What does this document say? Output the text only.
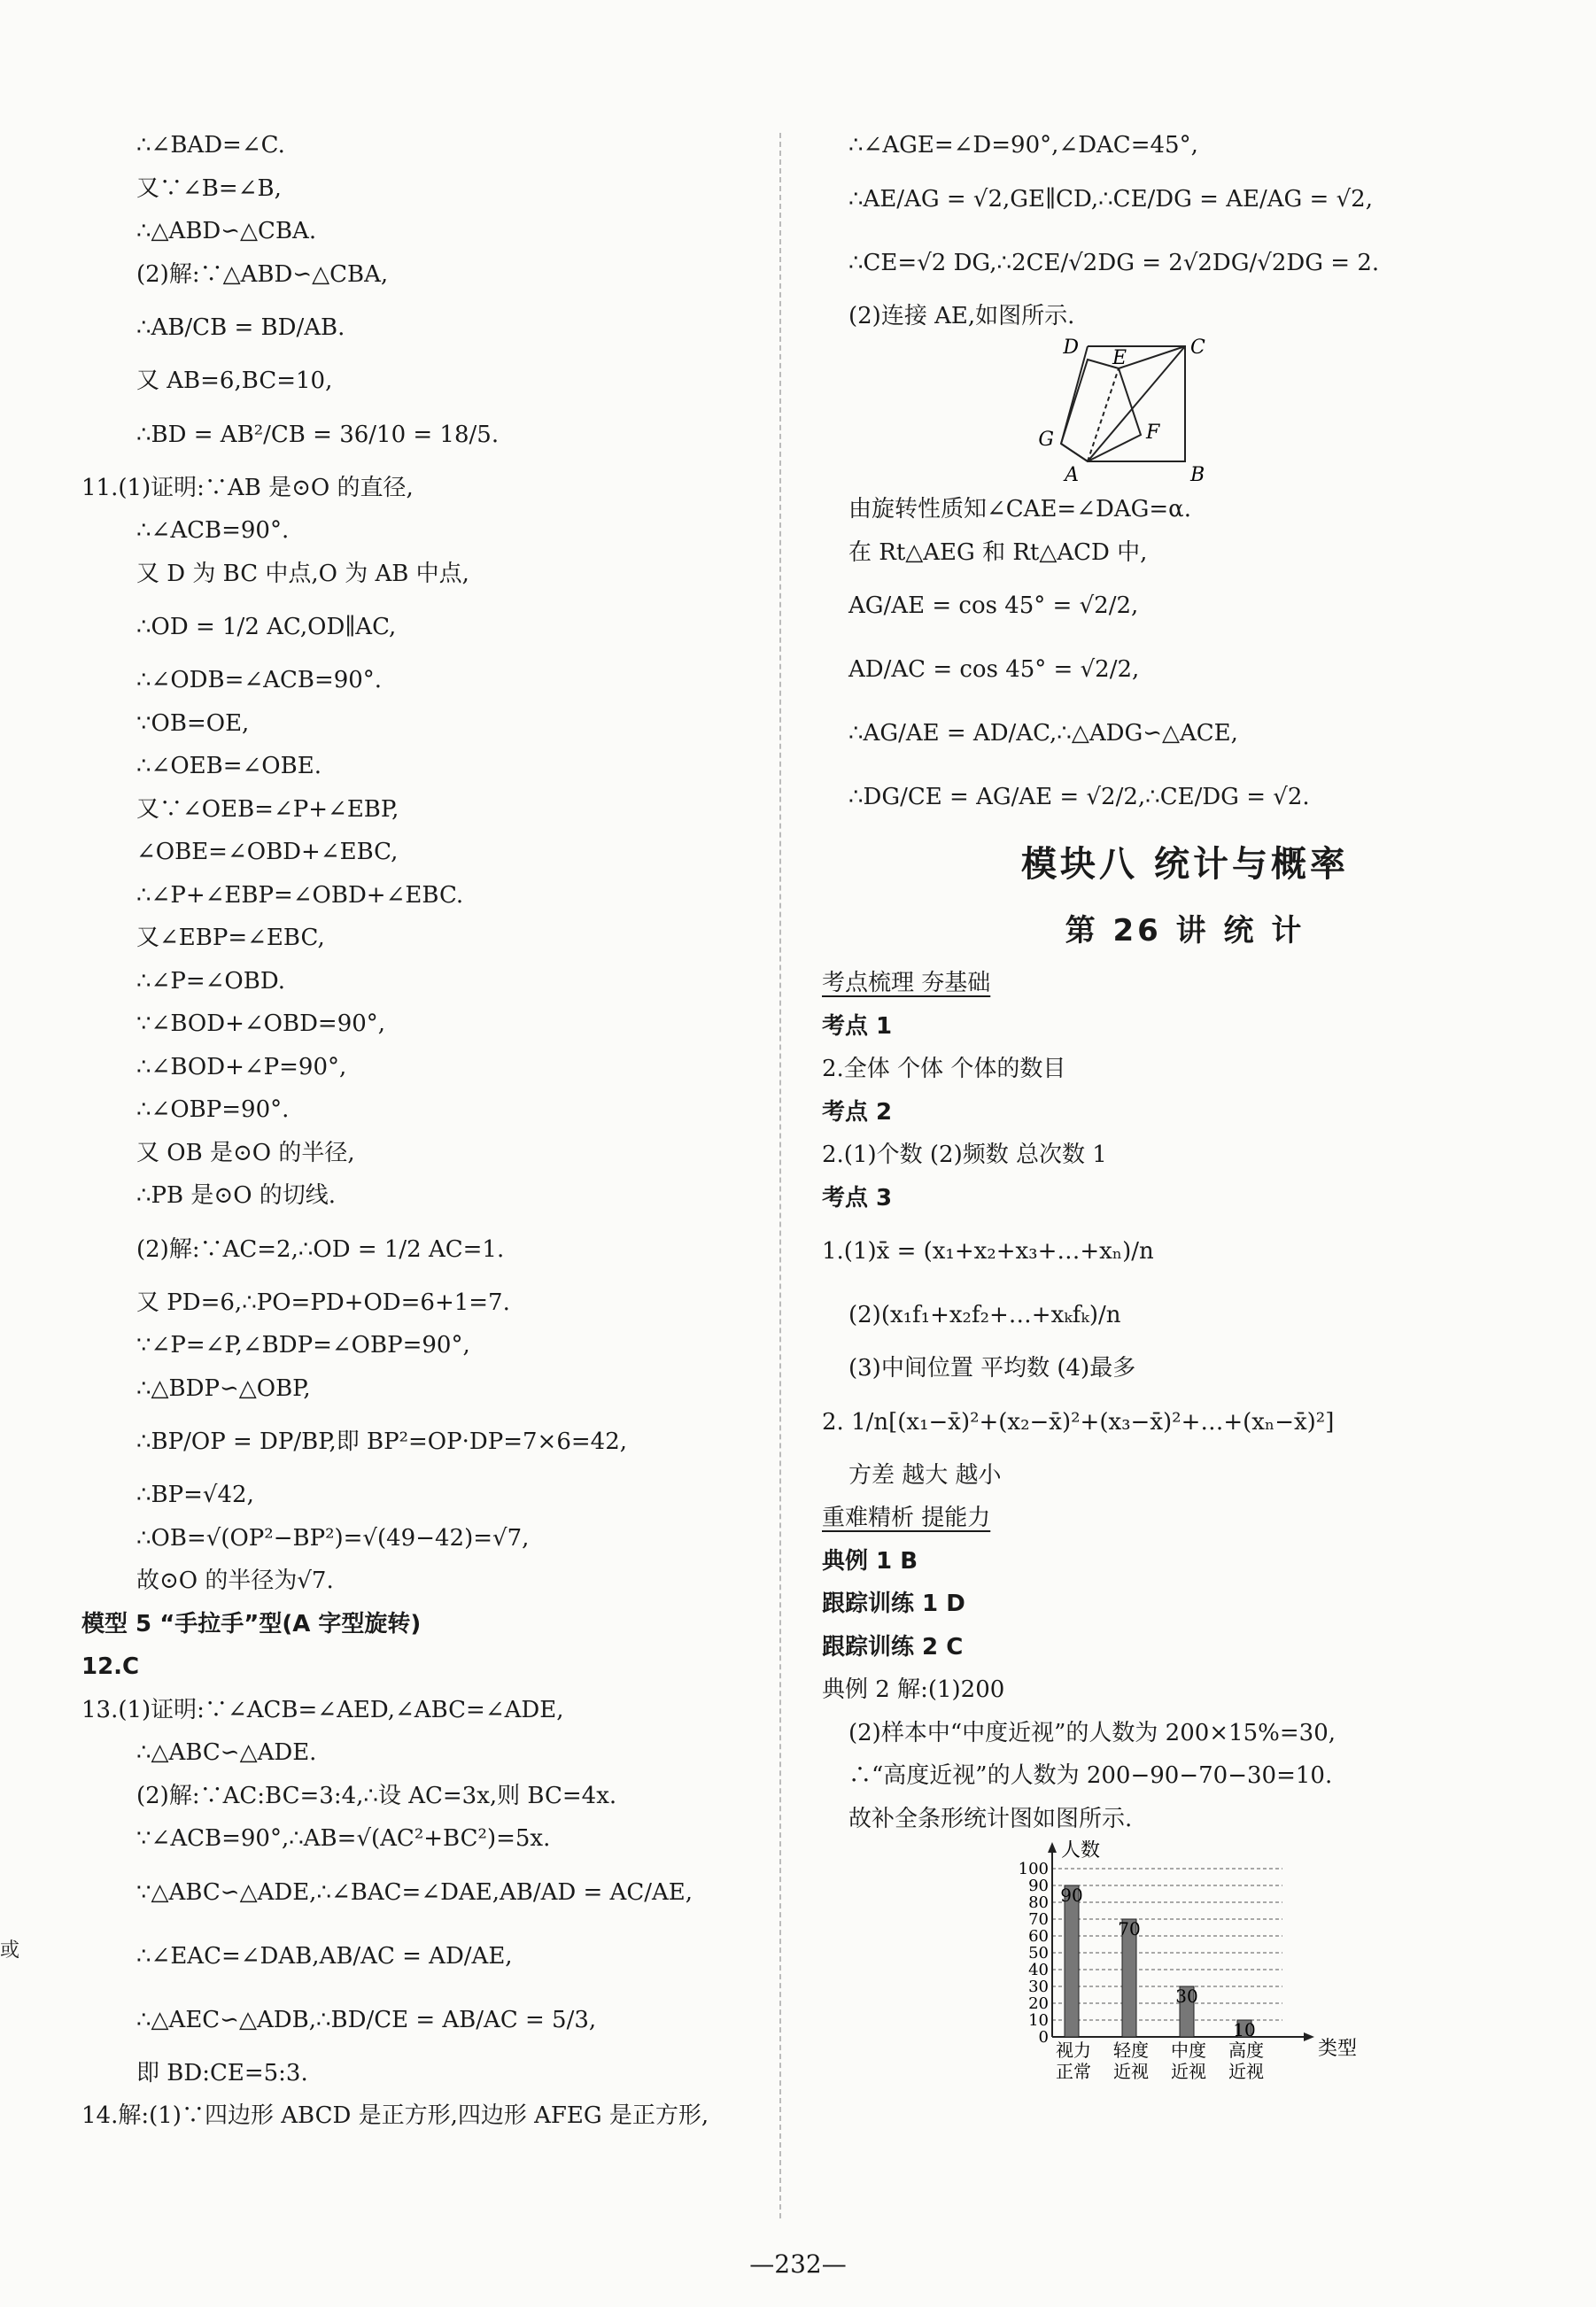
或
∴∠BAD=∠C.
又∵∠B=∠B,
∴△ABD∽△CBA.
(2)解:∵△ABD∽△CBA,
∴AB/CB = BD/AB.
又 AB=6,BC=10,
∴BD = AB²/CB = 36/10 = 18/5.
11.(1)证明:∵AB 是⊙O 的直径,
∴∠ACB=90°.
又 D 为 BC 中点,O 为 AB 中点,
∴OD = 1/2 AC,OD∥AC,
∴∠ODB=∠ACB=90°.
∵OB=OE,
∴∠OEB=∠OBE.
又∵∠OEB=∠P+∠EBP,
∠OBE=∠OBD+∠EBC,
∴∠P+∠EBP=∠OBD+∠EBC.
又∠EBP=∠EBC,
∴∠P=∠OBD.
∵∠BOD+∠OBD=90°,
∴∠BOD+∠P=90°,
∴∠OBP=90°.
又 OB 是⊙O 的半径,
∴PB 是⊙O 的切线.
(2)解:∵AC=2,∴OD = 1/2 AC=1.
又 PD=6,∴PO=PD+OD=6+1=7.
∵∠P=∠P,∠BDP=∠OBP=90°,
∴△BDP∽△OBP,
∴BP/OP = DP/BP,即 BP²=OP·DP=7×6=42,
∴BP=√42,
∴OB=√(OP²−BP²)=√(49−42)=√7,
故⊙O 的半径为√7.
模型 5 “手拉手”型(A 字型旋转)
12.C
13.(1)证明:∵∠ACB=∠AED,∠ABC=∠ADE,
∴△ABC∽△ADE.
(2)解:∵AC:BC=3:4,∴设 AC=3x,则 BC=4x.
∵∠ACB=90°,∴AB=√(AC²+BC²)=5x.
∵△ABC∽△ADE,∴∠BAC=∠DAE,AB/AD = AC/AE,
∴∠EAC=∠DAB,AB/AC = AD/AE,
∴△AEC∽△ADB,∴BD/CE = AB/AC = 5/3,
即 BD:CE=5:3.
14.解:(1)∵四边形 ABCD 是正方形,四边形 AFEG 是正方形,
∴∠AGE=∠D=90°,∠DAC=45°,
∴AE/AG = √2,GE∥CD,∴CE/DG = AE/AG = √2,
∴CE=√2 DG,∴2CE/√2DG = 2√2DG/√2DG = 2.
(2)连接 AE,如图所示.
D	C
E
G	F
A	B
由旋转性质知∠CAE=∠DAG=α.
在 Rt△AEG 和 Rt△ACD 中,
AG/AE = cos 45° = √2/2,
AD/AC = cos 45° = √2/2,
∴AG/AE = AD/AC,∴△ADG∽△ACE,
∴DG/CE = AG/AE = √2/2,∴CE/DG = √2.
模块八 统计与概率
第 26 讲 统 计
考点梳理 夯基础
考点 1
2.全体 个体 个体的数目
考点 2
2.(1)个数 (2)频数 总次数 1
考点 3
1.(1)x̄ = (x₁+x₂+x₃+…+xₙ)/n
(2)(x₁f₁+x₂f₂+…+xₖfₖ)/n
(3)中间位置 平均数 (4)最多
2. 1/n[(x₁−x̄)²+(x₂−x̄)²+(x₃−x̄)²+…+(xₙ−x̄)²]
方差 越大 越小
重难精析 提能力
典例 1 B
跟踪训练 1 D
跟踪训练 2 C
典例 2 解:(1)200
(2)样本中“中度近视”的人数为 200×15%=30,
∴“高度近视”的人数为 200−90−70−30=10.
故补全条形统计图如图所示.
100
90
80
70
60
50
40
30
20
10
0
人数
类型
90
视力
正常
70
轻度
近视
30
中度
近视
10
高度
近视
—232—
